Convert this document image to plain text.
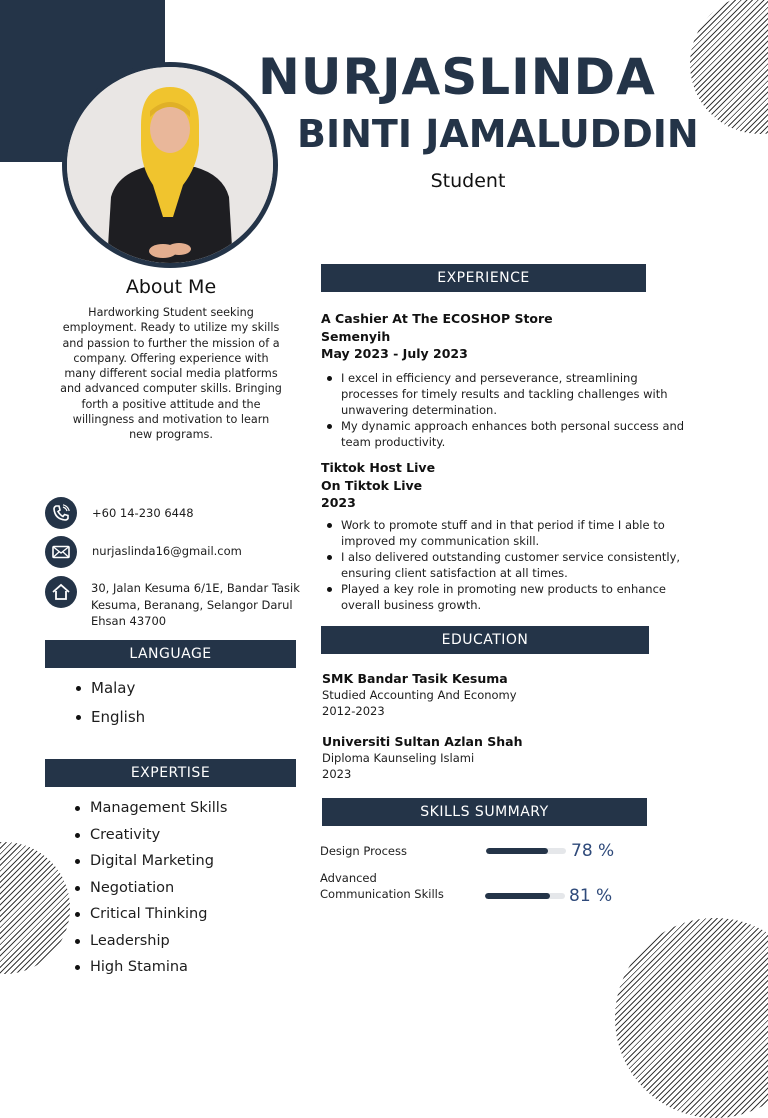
NURJASLINDA
BINTI JAMALUDDIN
Student
About Me
Hardworking Student seeking employment. Ready to utilize my skills and passion to further the mission of a company. Offering experience with many different social media platforms and advanced computer skills. Bringing forth a positive attitude and the willingness and motivation to learn new programs.
+60 14-230 6448
nurjaslinda16@gmail.com
30, Jalan Kesuma 6/1E, Bandar Tasik Kesuma, Beranang, Selangor Darul Ehsan 43700
LANGUAGE
Malay
English
EXPERTISE
Management Skills
Creativity
Digital Marketing
Negotiation
Critical Thinking
Leadership
High Stamina
EXPERIENCE
A Cashier At The ECOSHOP Store
Semenyih
May 2023 - July 2023
I excel in efficiency and perseverance, streamlining processes for timely results and tackling challenges with unwavering determination.
My dynamic approach enhances both personal success and team productivity.
Tiktok Host Live
On Tiktok Live
2023
Work to promote stuff and in that period if time I able to improved my communication skill.
I also delivered outstanding customer service consistently, ensuring client satisfaction at all times.
Played a key role in promoting new products to enhance overall business growth.
EDUCATION
SMK Bandar Tasik Kesuma
Studied Accounting And Economy
2012-2023
Universiti Sultan Azlan Shah
Diploma Kaunseling Islami
2023
SKILLS SUMMARY
Design Process	78 %
Advanced Communication Skills	81 %
